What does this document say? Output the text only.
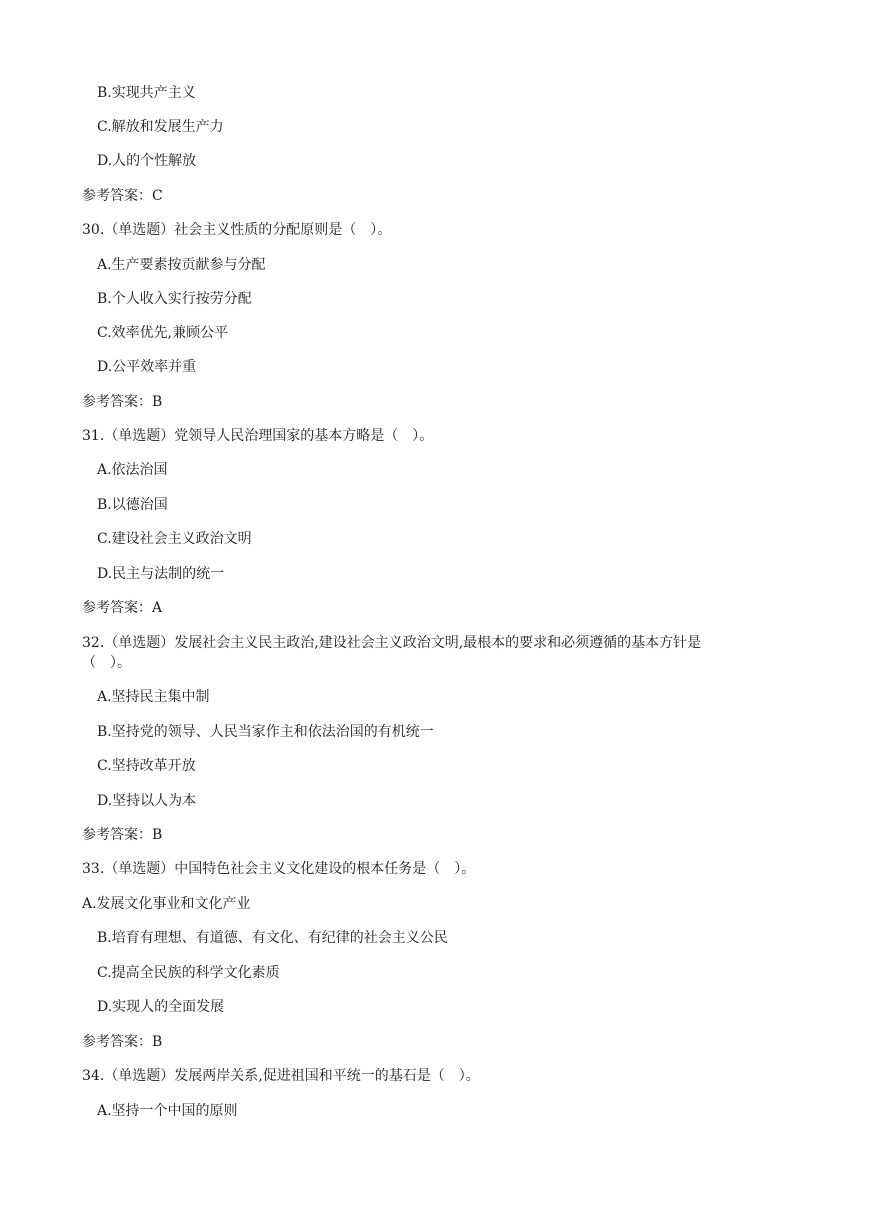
B.实现共产主义
C.解放和发展生产力
D.人的个性解放
参考答案：C
30.（单选题）社会主义性质的分配原则是（　）。
A.生产要素按贡献参与分配
B.个人收入实行按劳分配
C.效率优先,兼顾公平
D.公平效率并重
参考答案：B
31.（单选题）党领导人民治理国家的基本方略是（　）。
A.依法治国
B.以德治国
C.建设社会主义政治文明
D.民主与法制的统一
参考答案：A
32.（单选题）发展社会主义民主政治,建设社会主义政治文明,最根本的要求和必须遵循的基本方针是
（　）。
A.坚持民主集中制
B.坚持党的领导、人民当家作主和依法治国的有机统一
C.坚持改革开放
D.坚持以人为本
参考答案：B
33.（单选题）中国特色社会主义文化建设的根本任务是（　）。
A.发展文化事业和文化产业
B.培育有理想、有道德、有文化、有纪律的社会主义公民
C.提高全民族的科学文化素质
D.实现人的全面发展
参考答案：B
34.（单选题）发展两岸关系,促进祖国和平统一的基石是（　）。
A.坚持一个中国的原则
